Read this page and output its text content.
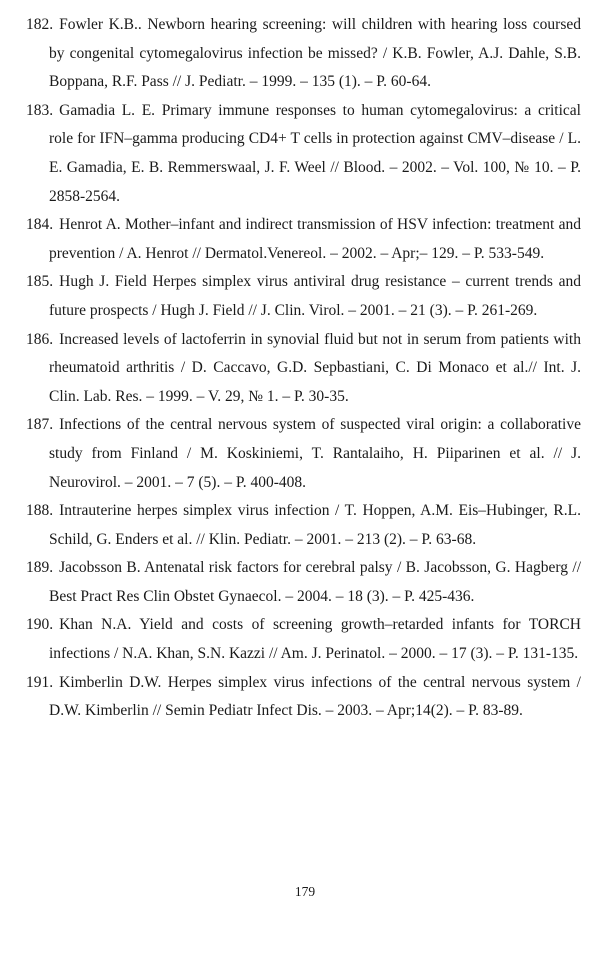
182. Fowler K.B.. Newborn hearing screening: will children with hearing loss coursed by congenital cytomegalovirus infection be missed? / K.B. Fowler, A.J. Dahle, S.B. Boppana, R.F. Pass // J. Pediatr. – 1999. – 135 (1). – P. 60-64.
183. Gamadia L. E. Primary immune responses to human cytomegalovirus: a critical role for IFN–gamma producing CD4+ T cells in protection against CMV–disease / L. E. Gamadia, E. B. Remmerswaal, J. F. Weel // Blood. – 2002. – Vol. 100, № 10. – P. 2858-2564.
184. Henrot A. Mother–infant and indirect transmission of HSV infection: treatment and prevention / A. Henrot // Dermatol.Venereol. – 2002. – Apr;– 129. – P. 533-549.
185. Hugh J. Field Herpes simplex virus antiviral drug resistance – current trends and future prospects / Hugh J. Field // J. Clin. Virol. – 2001. – 21 (3). – P. 261-269.
186. Increased levels of lactoferrin in synovial fluid but not in serum from patients with rheumatoid arthritis / D. Caccavo, G.D. Sepbastiani, C. Di Monaco et al.// Int. J. Clin. Lab. Res. – 1999. – V. 29, № 1. – P. 30-35.
187. Infections of the central nervous system of suspected viral origin: a collaborative study from Finland / M. Koskiniemi, T. Rantalaiho, H. Piiparinen et al. // J. Neurovirol. – 2001. – 7 (5). – P. 400-408.
188. Intrauterine herpes simplex virus infection / T. Hoppen, A.M. Eis–Hubinger, R.L. Schild, G. Enders et al. // Klin. Pediatr. – 2001. – 213 (2). – P. 63-68.
189. Jacobsson B. Antenatal risk factors for cerebral palsy / B. Jacobsson, G. Hagberg // Best Pract Res Clin Obstet Gynaecol. – 2004. – 18 (3). – P. 425-436.
190. Khan N.A. Yield and costs of screening growth–retarded infants for TORCH infections / N.A. Khan, S.N. Kazzi // Am. J. Perinatol. – 2000. – 17 (3). – P. 131-135.
191. Kimberlin D.W. Herpes simplex virus infections of the central nervous system / D.W. Kimberlin // Semin Pediatr Infect Dis. – 2003. – Apr;14(2). – P. 83-89.
179
